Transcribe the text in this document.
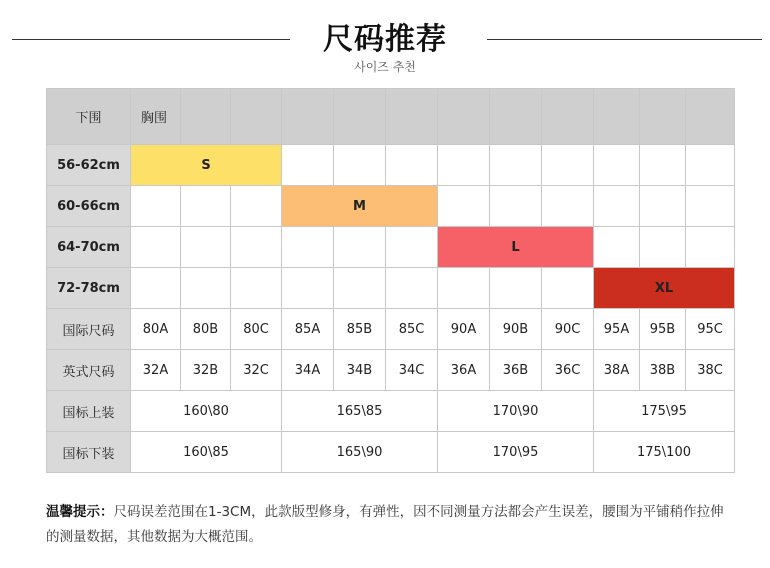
尺码推荐
사이즈 추천
下围	胸围											
56-62cm	S											
60-66cm				M								
64-70cm							L					
72-78cm										XL		
国际尺码	80A	80B	80C	85A	85B	85C	90A	90B	90C	95A	95B	95C
英式尺码	32A	32B	32C	34A	34B	34C	36A	36B	36C	38A	38B	38C
国标上装	160\80			165\85			170\90			175\95		
国标下装	160\85			165\90			170\95			175\100		
温馨提示：尺码误差范围在1-3CM，此款版型修身，有弹性，因不同测量方法都会产生误差，腰围为平铺稍作拉伸的测量数据，其他数据为大概范围。
